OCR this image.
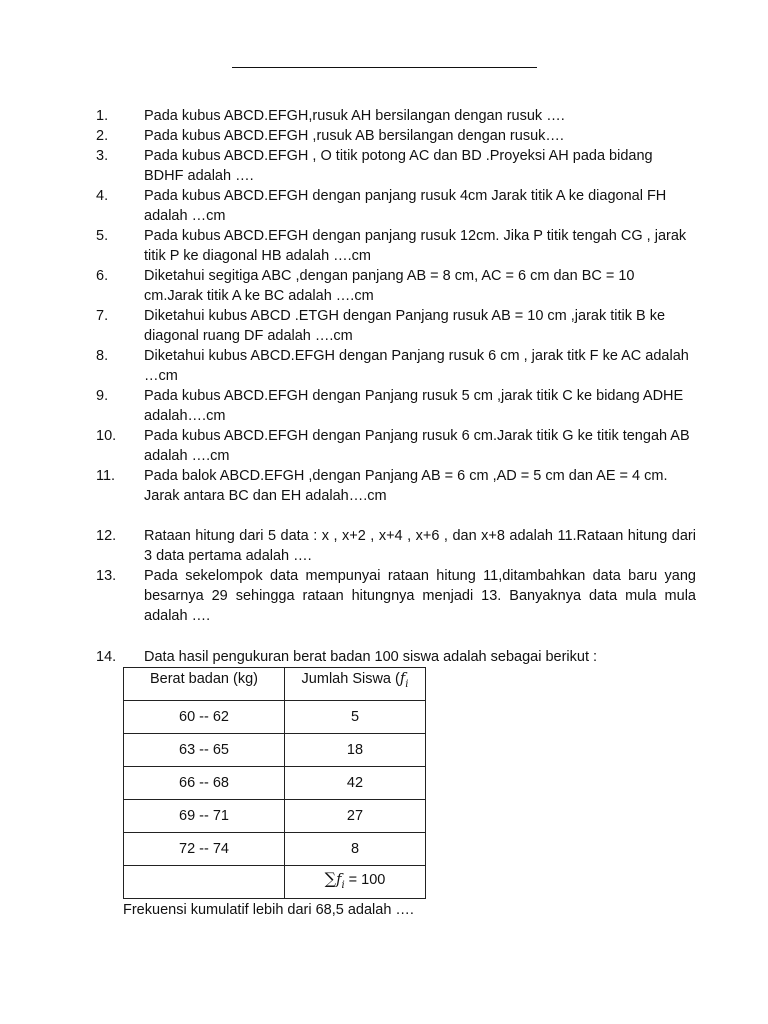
1.	Pada kubus ABCD.EFGH,rusuk AH bersilangan dengan rusuk ….
2.	Pada kubus ABCD.EFGH ,rusuk AB bersilangan dengan rusuk….
3.	Pada kubus ABCD.EFGH , O titik potong AC dan BD .Proyeksi AH pada bidang BDHF adalah ….
4.	Pada kubus ABCD.EFGH dengan panjang rusuk 4cm Jarak titik A ke diagonal FH adalah …cm
5.	Pada kubus ABCD.EFGH dengan panjang rusuk 12cm. Jika P titik tengah CG , jarak titik P ke diagonal HB adalah ….cm
6.	Diketahui segitiga ABC ,dengan panjang AB = 8 cm, AC = 6 cm dan BC = 10 cm.Jarak titik A ke BC adalah ….cm
7.	Diketahui kubus ABCD .ETGH dengan Panjang rusuk AB = 10 cm ,jarak titik B ke diagonal ruang DF adalah ….cm
8.	Diketahui kubus ABCD.EFGH dengan Panjang rusuk 6 cm , jarak titk F ke AC adalah …cm
9.	Pada kubus ABCD.EFGH dengan Panjang rusuk 5 cm ,jarak titik C ke bidang ADHE adalah….cm
10.	Pada kubus ABCD.EFGH dengan Panjang rusuk 6 cm.Jarak titik G ke titik tengah AB adalah ….cm
11.	Pada balok ABCD.EFGH ,dengan Panjang AB = 6 cm ,AD = 5 cm dan AE = 4 cm. Jarak antara BC dan EH adalah….cm
12.	Rataan hitung dari 5 data : x , x+2 , x+4 , x+6 , dan x+8 adalah 11.Rataan hitung dari 3 data pertama adalah ….
13.	Pada sekelompok data mempunyai rataan hitung 11,ditambahkan data baru yang besarnya 29 sehingga rataan hitungnya menjadi 13. Banyaknya data mula mula adalah ….
14.	Data hasil pengukuran berat badan 100 siswa adalah sebagai berikut :
Berat badan (kg)	Jumlah Siswa ($f_i$
60 -- 62	5
63 -- 65	18
66 -- 68	42
69 -- 71	27
72 -- 74	8
	$\sum f_i = 100$
Frekuensi kumulatif lebih dari 68,5 adalah ….
